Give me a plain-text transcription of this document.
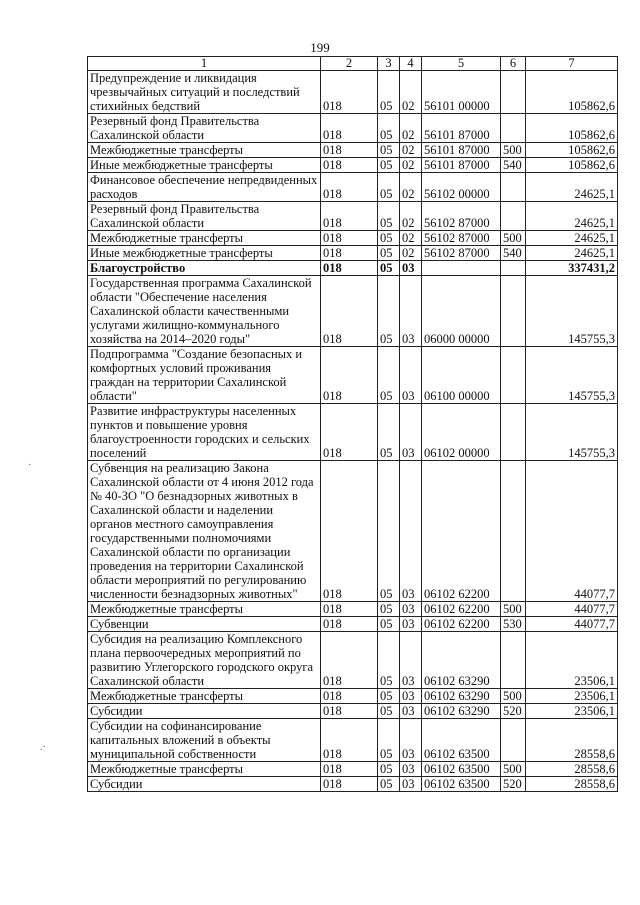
199
·
.·
1	2	3	4	5	6	7
Предупреждение и ликвидация чрезвычайных ситуаций и последствий стихийных бедствий	018	05	02	56101 00000		105862,6
Резервный фонд Правительства Сахалинской области	018	05	02	56101 87000		105862,6
Межбюджетные трансферты	018	05	02	56101 87000	500	105862,6
Иные межбюджетные трансферты	018	05	02	56101 87000	540	105862,6
Финансовое обеспечение непредвиденных расходов	018	05	02	56102 00000		24625,1
Резервный фонд Правительства Сахалинской области	018	05	02	56102 87000		24625,1
Межбюджетные трансферты	018	05	02	56102 87000	500	24625,1
Иные межбюджетные трансферты	018	05	02	56102 87000	540	24625,1
Благоустройство	018	05	03			337431,2
Государственная программа Сахалинской области "Обеспечение населения Сахалинской области качественными услугами жилищно-коммунального хозяйства на 2014–2020 годы"	018	05	03	06000 00000		145755,3
Подпрограмма "Создание безопасных и комфортных условий проживания граждан на территории Сахалинской области"	018	05	03	06100 00000		145755,3
Развитие инфраструктуры населенных пунктов и повышение уровня благоустроенности городских и сельских поселений	018	05	03	06102 00000		145755,3
Субвенция на реализацию Закона Сахалинской области от 4 июня 2012 года № 40-ЗО "О безнадзорных животных в Сахалинской области и наделении органов местного самоуправления государственными полномочиями Сахалинской области по организации проведения на территории Сахалинской области мероприятий по регулированию численности безнадзорных животных"	018	05	03	06102 62200		44077,7
Межбюджетные трансферты	018	05	03	06102 62200	500	44077,7
Субвенции	018	05	03	06102 62200	530	44077,7
Субсидия на реализацию Комплексного плана первоочередных мероприятий по развитию Углегорского городского округа Сахалинской области	018	05	03	06102 63290		23506,1
Межбюджетные трансферты	018	05	03	06102 63290	500	23506,1
Субсидии	018	05	03	06102 63290	520	23506,1
Субсидии на софинансирование капитальных вложений в объекты муниципальной собственности	018	05	03	06102 63500		28558,6
Межбюджетные трансферты	018	05	03	06102 63500	500	28558,6
Субсидии	018	05	03	06102 63500	520	28558,6
